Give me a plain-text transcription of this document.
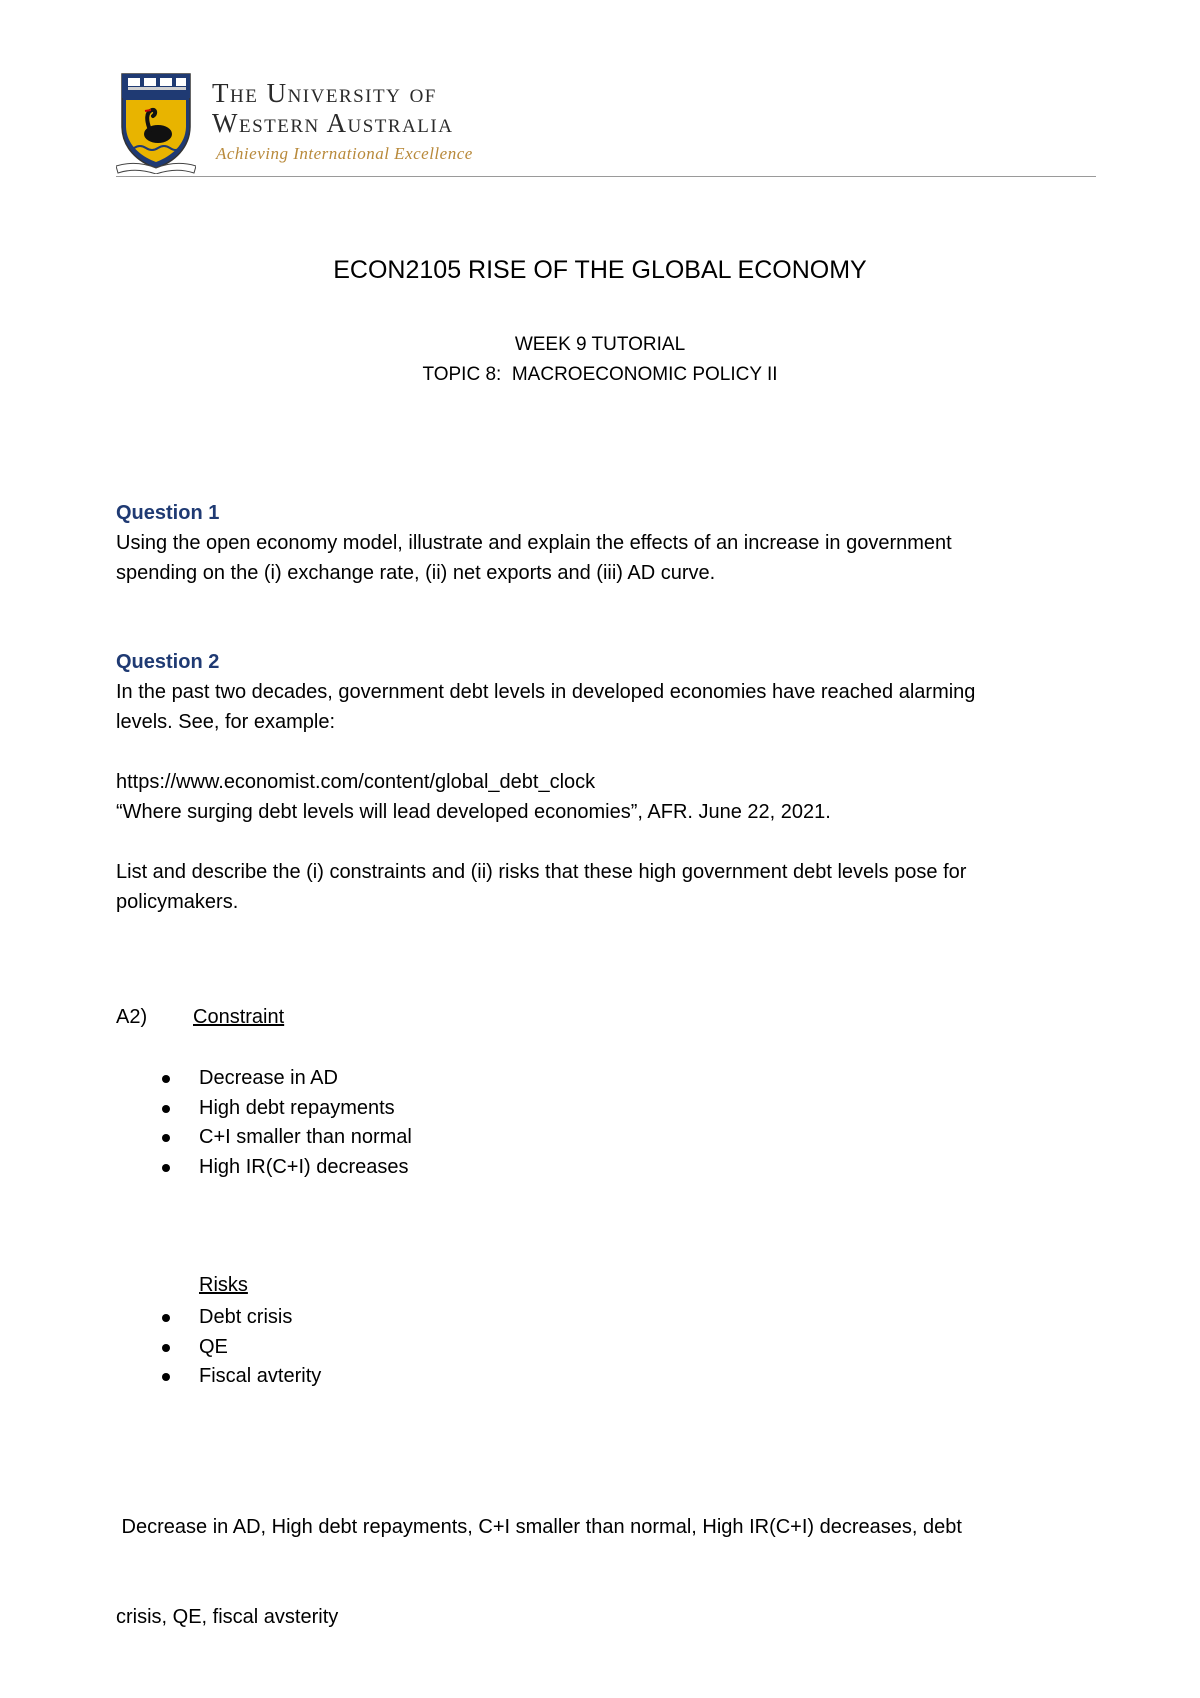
The University of
Western Australia
Achieving International Excellence
ECON2105 RISE OF THE GLOBAL ECONOMY
WEEK 9 TUTORIAL
TOPIC 8:  MACROECONOMIC POLICY II
Question 1
Using the open economy model, illustrate and explain the effects of an increase in government
spending on the (i) exchange rate, (ii) net exports and (iii) AD curve.
Question 2
In the past two decades, government debt levels in developed economies have reached alarming
levels. See, for example:
https://www.economist.com/content/global_debt_clock
“Where surging debt levels will lead developed economies”, AFR. June 22, 2021.
List and describe the (i) constraints and (ii) risks that these high government debt levels pose for
policymakers.
A2) Constraint
Decrease in AD
High debt repayments
C+I smaller than normal
High IR(C+I) decreases
Risks
Debt crisis
QE
Fiscal avterity

Decrease in AD, High debt repayments, C+I smaller than normal, High IR(C+I) decreases, debt

crisis, QE, fiscal avsterity
